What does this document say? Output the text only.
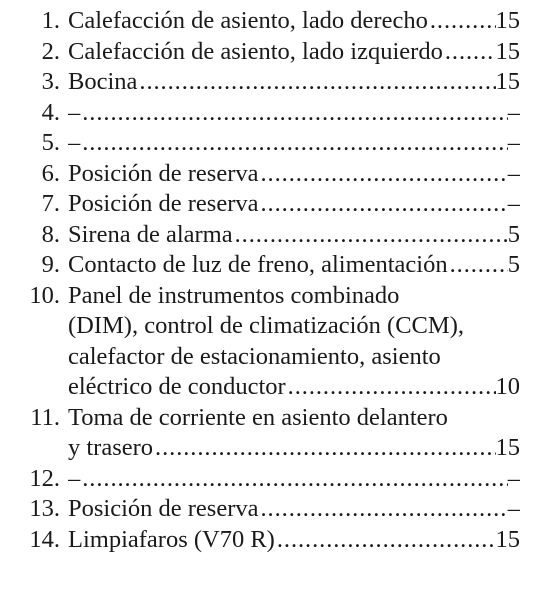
1. Calefacción de asiento, lado derecho . . .	15
2. Calefacción de asiento, lado izquierdo . . . 15
3. Bocina . . .	15
4. – . . .	–
5. – . . .	–
6. Posición de reserva . . .	–
7. Posición de reserva . . .	–
8. Sirena de alarma . . .	5
9. Contacto de luz de freno, alimentación . . . 5
10. Panel de instrumentos combinado
(DIM), control de climatización (CCM),
calefactor de estacionamiento, asiento
eléctrico de conductor . . .	10
11. Toma de corriente en asiento delantero
y trasero . . .	15
12. – . . .	–
13. Posición de reserva . . .	–
14. Limpiafaros (V70 R) . . .	15
